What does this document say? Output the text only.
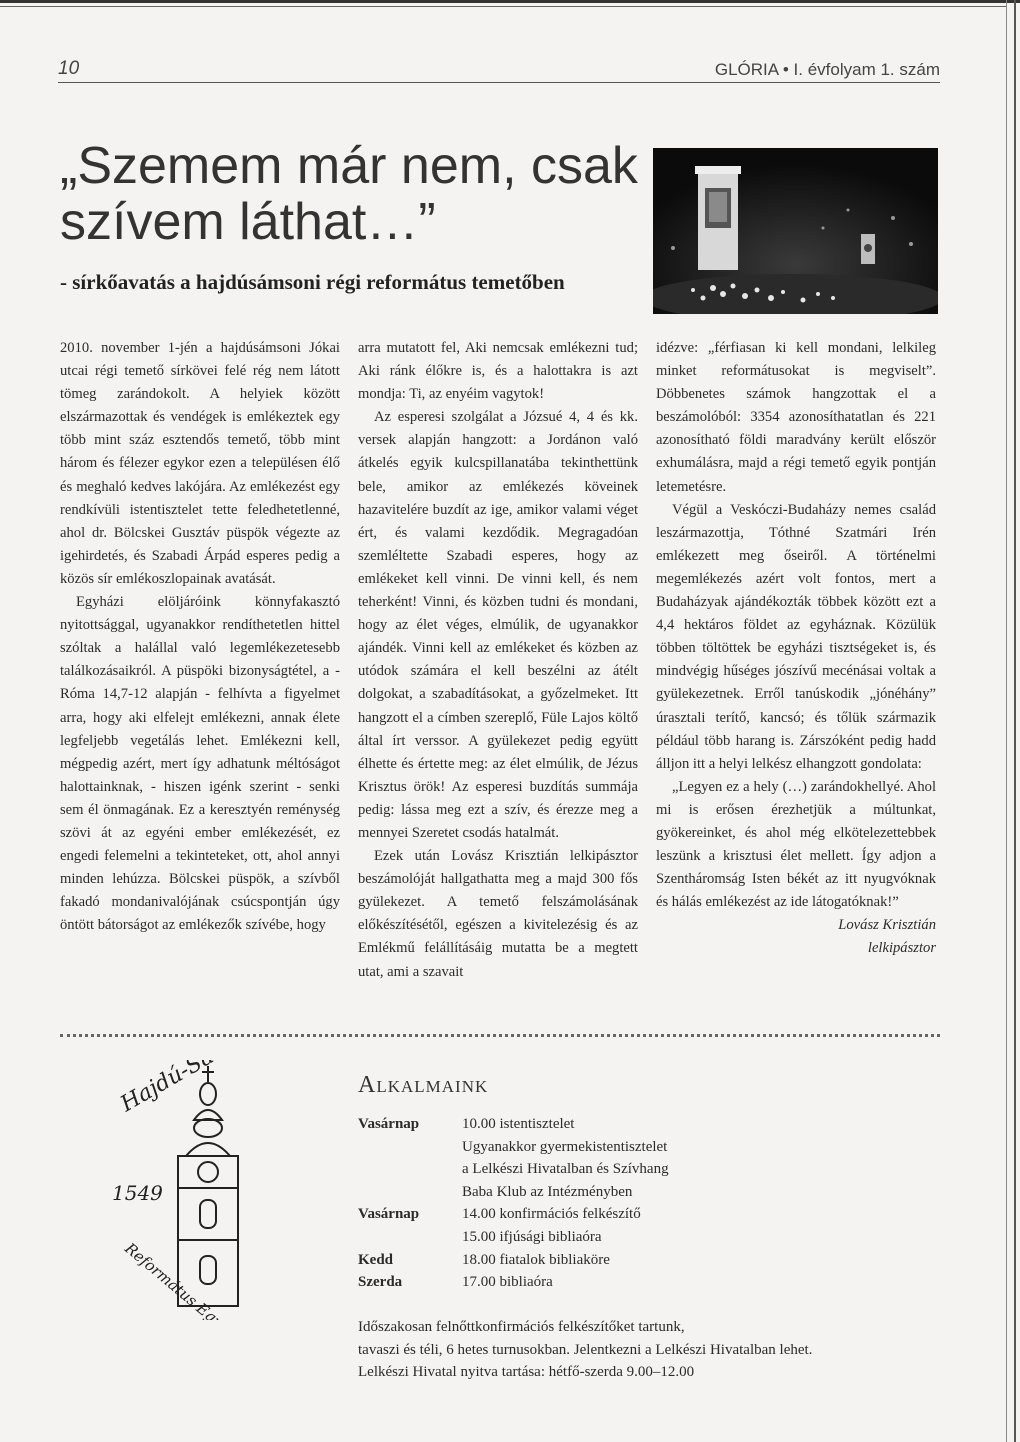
10	GLÓRIA • I. évfolyam 1. szám
„Szemem már nem, csak szívem láthat…”
- sírkőavatás a hajdúsámsoni régi református temetőben

2010. november 1-jén a hajdúsámsoni Jókai utcai régi temető sírkövei felé rég nem látott tömeg zarándokolt. A helyiek között elszármazottak és vendégek is emlékeztek egy több mint száz esztendős temető, több mint három és félezer egykor ezen a településen élő és meghaló kedves lakójára. Az emlékezést egy rendkívüli istentisztelet tette feledhetetlenné, ahol dr. Bölcskei Gusztáv püspök végezte az igehirdetés, és Szabadi Árpád esperes pedig a közös sír emlékoszlopainak avatását.

Egyházi elöljáróink könnyfakasztó nyitottsággal, ugyanakkor rendíthetetlen hittel szóltak a halállal való legemlékezetesebb találkozásaikról. A püspöki bizonyságtétel, a - Róma 14,7-12 alapján - felhívta a figyelmet arra, hogy aki elfelejt emlékezni, annak élete legfeljebb vegetálás lehet. Emlékezni kell, mégpedig azért, mert így adhatunk méltóságot halottainknak, - hiszen igénk szerint - senki sem él önmagának. Ez a keresztyén reménység szövi át az egyéni ember emlékezését, ez engedi felemelni a tekinteteket, ott, ahol annyi minden lehúzza. Bölcskei püspök, a szívből fakadó mondanivalójának csúcspontján úgy öntött bátorságot az emlékezők szívébe, hogy

arra mutatott fel, Aki nemcsak emlékezni tud; Aki ránk élőkre is, és a halottakra is azt mondja: Ti, az enyéim vagytok!

Az esperesi szolgálat a Józsué 4, 4 és kk. versek alapján hangzott: a Jordánon való átkelés egyik kulcspillanatába tekinthettünk bele, amikor az emlékezés köveinek hazavitelére buzdít az ige, amikor valami véget ért, és valami kezdődik. Megragadóan szemléltette Szabadi esperes, hogy az emlékeket kell vinni. De vinni kell, és nem teherként! Vinni, és közben tudni és mondani, hogy az élet véges, elmúlik, de ugyanakkor ajándék. Vinni kell az emlékeket és közben az utódok számára el kell beszélni az átélt dolgokat, a szabadításokat, a győzelmeket. Itt hangzott el a címben szereplő, Füle Lajos költő által írt verssor. A gyülekezet pedig együtt élhette és értette meg: az élet elmúlik, de Jézus Krisztus örök! Az esperesi buzdítás summája pedig: lássa meg ezt a szív, és érezze meg a mennyei Szeretet csodás hatalmát.

Ezek után Lovász Krisztián lelkipásztor beszámolóját hallgathatta meg a majd 300 fős gyülekezet. A temető felszámolásának előkészítésétől, egészen a kivitelezésig és az Emlékmű felállításáig mutatta be a megtett utat, ami a szavait

idézve: „férfiasan ki kell mondani, lelkileg minket reformátusokat is megviselt”. Döbbenetes számok hangzottak el a beszámolóból: 3354 azonosíthatatlan és 221 azonosítható földi maradvány került először exhumálásra, majd a régi temető egyik pontján letemetésre.

Végül a Veskóczi-Budaházy nemes család leszármazottja, Tóthné Szatmári Irén emlékezett meg őseiről. A történelmi megemlékezés azért volt fontos, mert a Budaházyak ajándékozták többek között ezt a 4,4 hektáros földet az egyháznak. Közülük többen töltöttek be egyházi tisztségeket is, és mindvégig hűséges jószívű mecénásai voltak a gyülekezetnek. Erről tanúskodik „jónéhány” úrasztali terítő, kancsó; és tőlük származik például több harang is. Zárszóként pedig hadd álljon itt a helyi lelkész elhangzott gondolata:

„Legyen ez a hely (…) zarándokhellyé. Ahol mi is erősen érezhetjük a múltunkat, gyökereinket, és ahol még elkötelezettebbek leszünk a krisztusi élet mellett. Így adjon a Szentháromság Isten békét az itt nyugvóknak és hálás emlékezést az ide látogatóknak!”

Lovász Krisztián

lelkipásztor

Hajdú-Sámson
1549
Református Egyházközség
Alkalmaink
Vasárnap	10.00 istentisztelet
Ugyanakkor gyermekistentisztelet
a Lelkészi Hivatalban és Szívhang
Baba Klub az Intézményben
Vasárnap	14.00 konfirmációs felkészítő
15.00 ifjúsági bibliaóra
Kedd	18.00 fiatalok bibliaköre
Szerda	17.00 bibliaóra
Időszakosan felnőttkonfirmációs felkészítőket tartunk,
tavaszi és téli, 6 hetes turnusokban. Jelentkezni a Lelkészi Hivatalban lehet.
Lelkészi Hivatal nyitva tartása: hétfő-szerda 9.00–12.00
